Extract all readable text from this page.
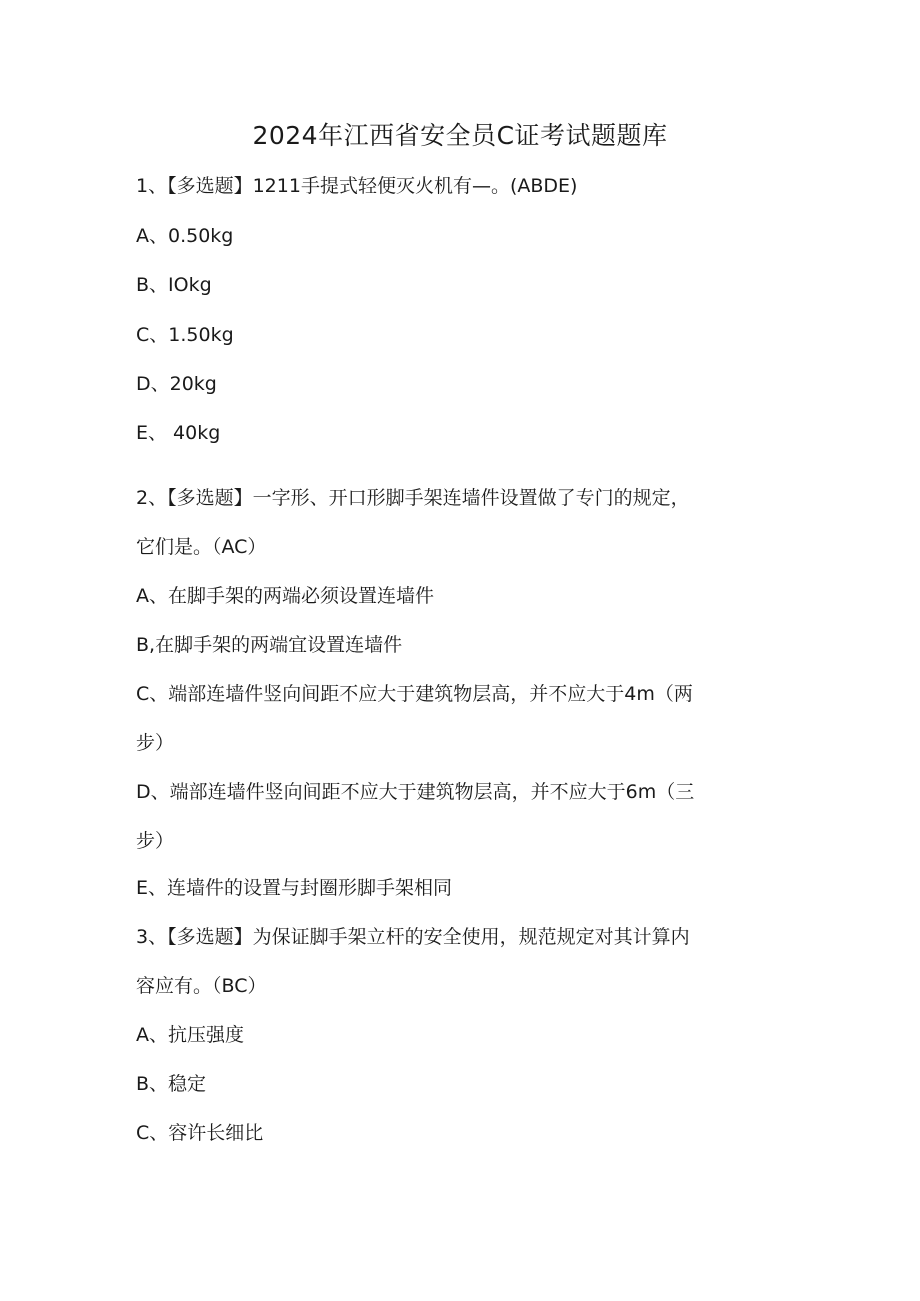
2024年江西省安全员C证考试题题库

1、【多选题】1211手提式轻便灭火机有—。(ABDE)

A、0.50kg

B、IOkg

C、1.50kg

D、20kg

E、 40kg

2、【多选题】一字形、开口形脚手架连墙件设置做了专门的规定，

它们是。（AC）

A、在脚手架的两端必须设置连墙件

B,在脚手架的两端宜设置连墙件

C、端部连墙件竖向间距不应大于建筑物层高，并不应大于4m（两

步）

D、端部连墙件竖向间距不应大于建筑物层高，并不应大于6m（三

步）

E、连墙件的设置与封圈形脚手架相同

3、【多选题】为保证脚手架立杆的安全使用，规范规定对其计算内

容应有。（BC）

A、抗压强度

B、稳定

C、容许长细比
